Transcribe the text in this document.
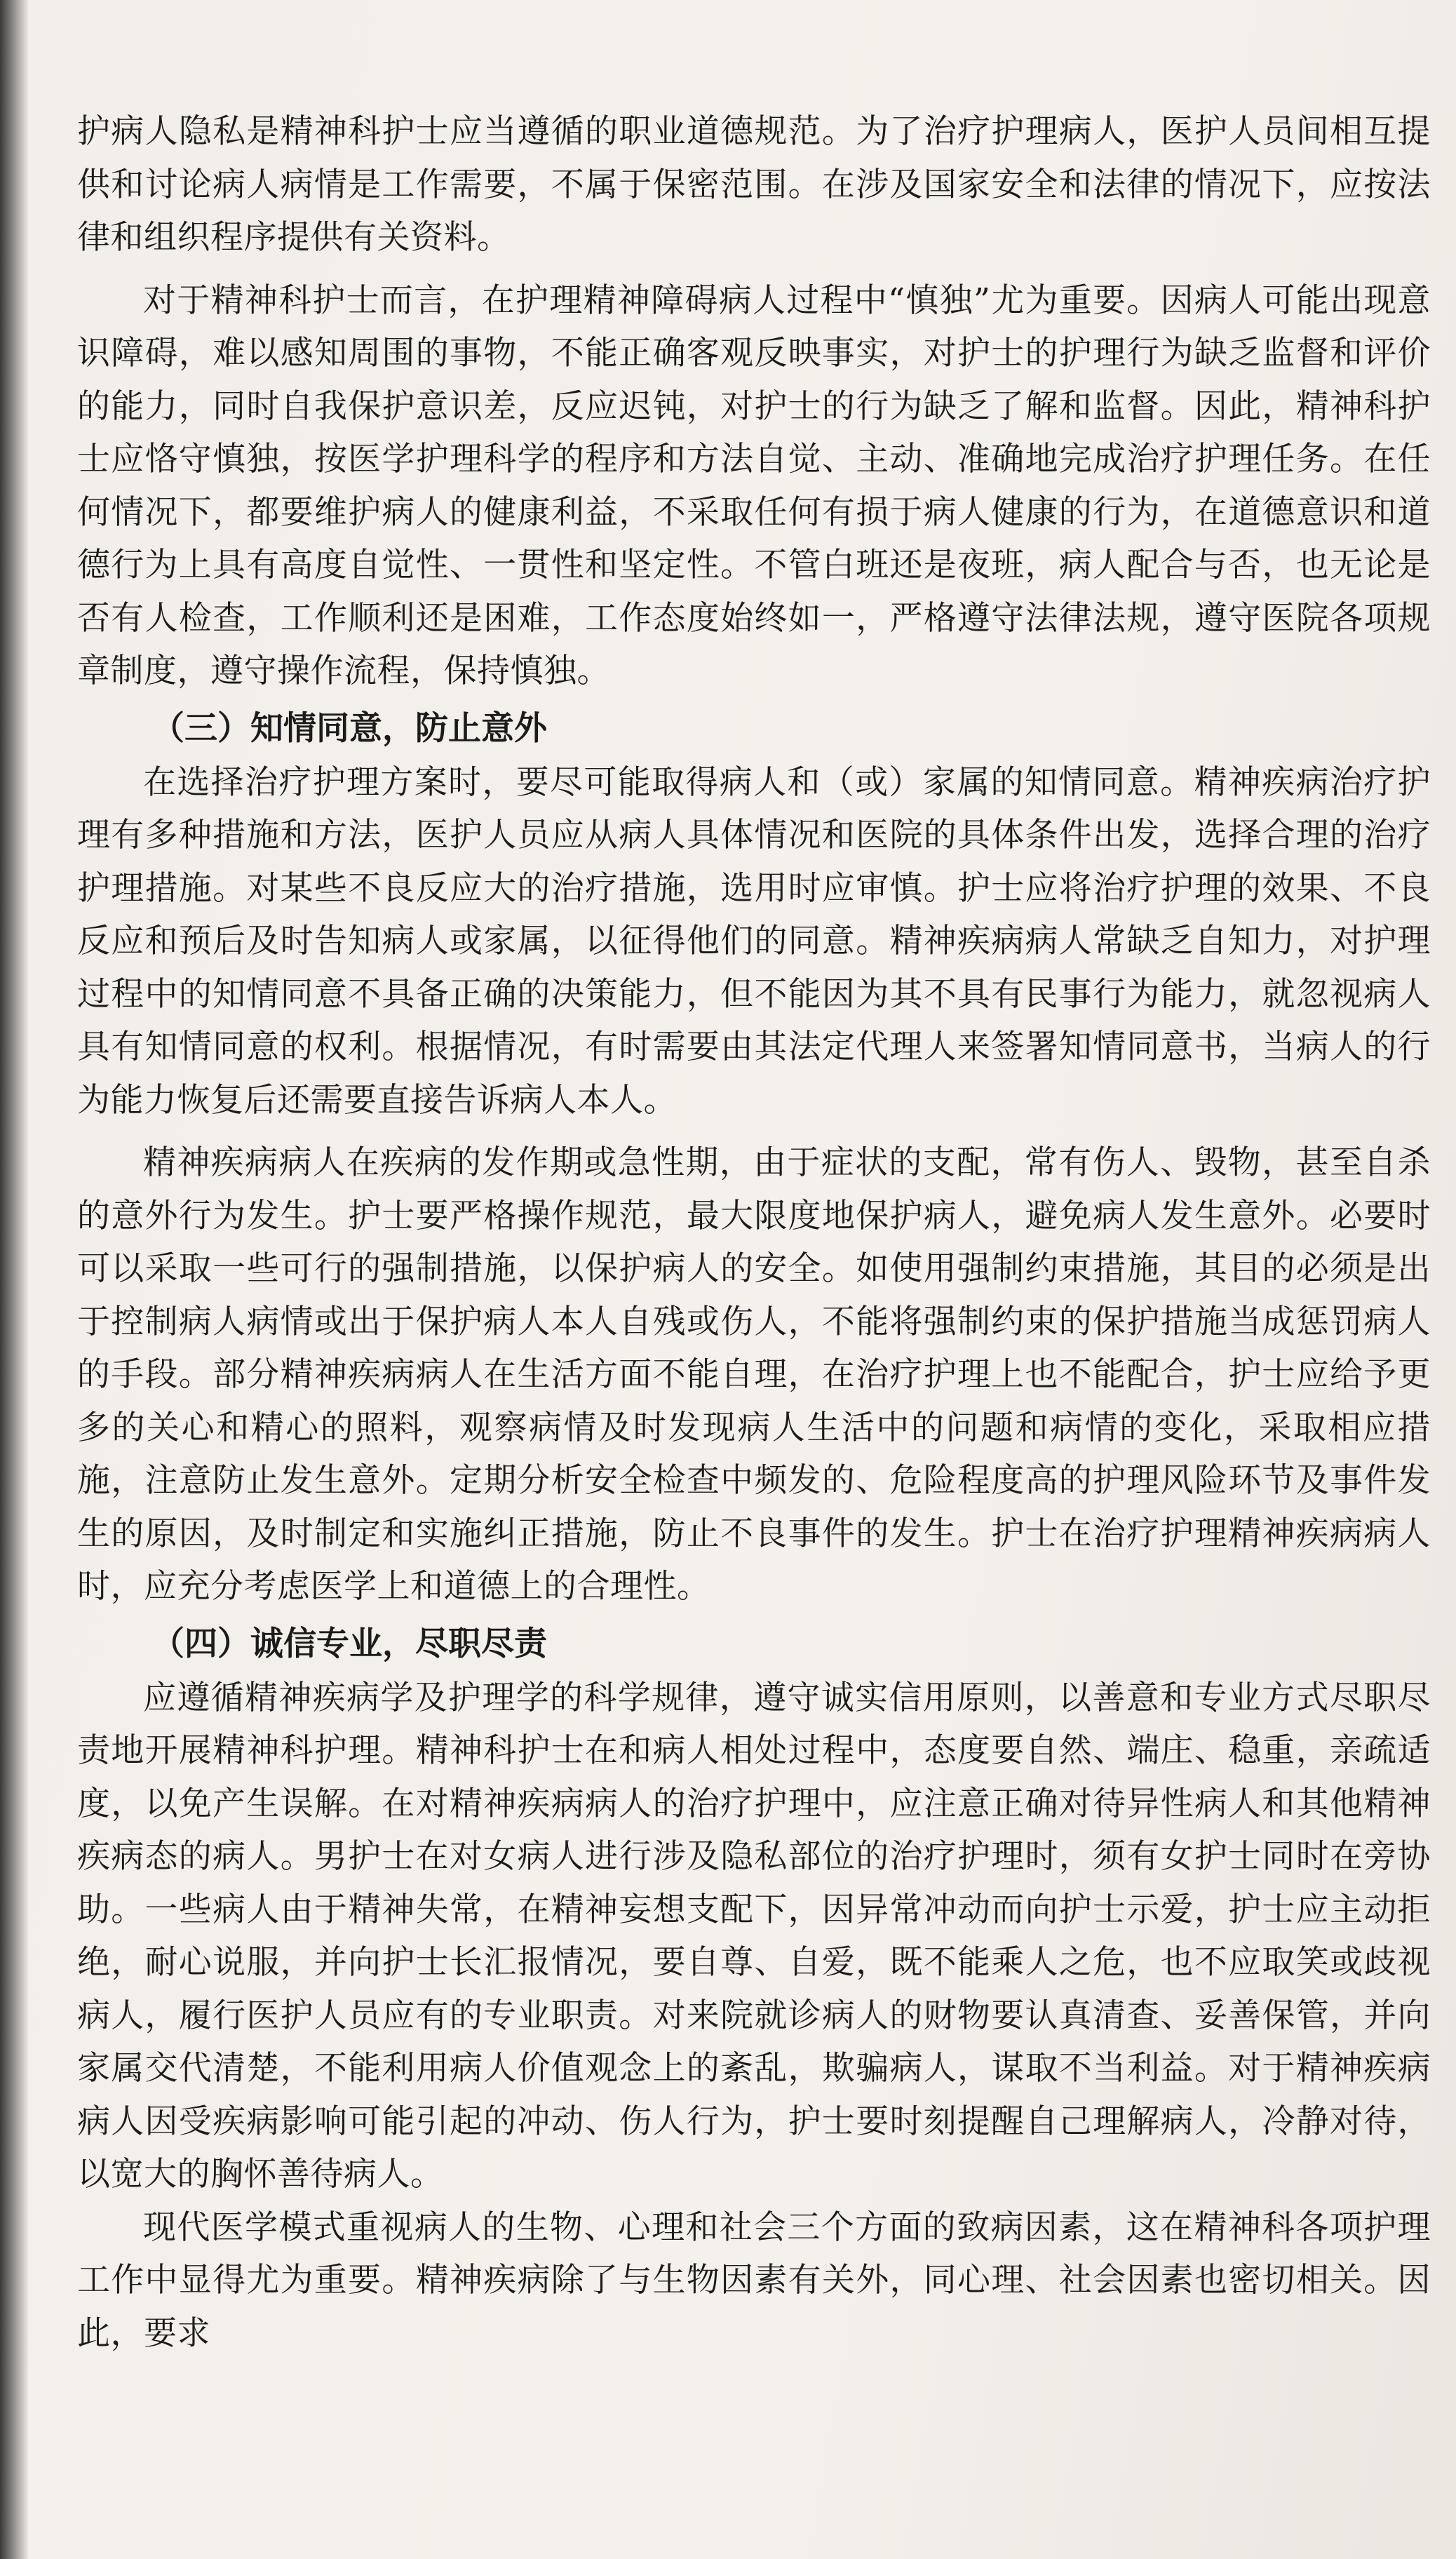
护病人隐私是精神科护士应当遵循的职业道德规范。为了治疗护理病人，医护人员间相互提供和讨论病人病情是工作需要，不属于保密范围。在涉及国家安全和法律的情况下，应按法律和组织程序提供有关资料。

对于精神科护士而言，在护理精神障碍病人过程中“慎独”尤为重要。因病人可能出现意识障碍，难以感知周围的事物，不能正确客观反映事实，对护士的护理行为缺乏监督和评价的能力，同时自我保护意识差，反应迟钝，对护士的行为缺乏了解和监督。因此，精神科护士应恪守慎独，按医学护理科学的程序和方法自觉、主动、准确地完成治疗护理任务。在任何情况下，都要维护病人的健康利益，不采取任何有损于病人健康的行为，在道德意识和道德行为上具有高度自觉性、一贯性和坚定性。不管白班还是夜班，病人配合与否，也无论是否有人检查，工作顺利还是困难，工作态度始终如一，严格遵守法律法规，遵守医院各项规章制度，遵守操作流程，保持慎独。

（三）知情同意，防止意外

在选择治疗护理方案时，要尽可能取得病人和（或）家属的知情同意。精神疾病治疗护理有多种措施和方法，医护人员应从病人具体情况和医院的具体条件出发，选择合理的治疗护理措施。对某些不良反应大的治疗措施，选用时应审慎。护士应将治疗护理的效果、不良反应和预后及时告知病人或家属，以征得他们的同意。精神疾病病人常缺乏自知力，对护理过程中的知情同意不具备正确的决策能力，但不能因为其不具有民事行为能力，就忽视病人具有知情同意的权利。根据情况，有时需要由其法定代理人来签署知情同意书，当病人的行为能力恢复后还需要直接告诉病人本人。

精神疾病病人在疾病的发作期或急性期，由于症状的支配，常有伤人、毁物，甚至自杀的意外行为发生。护士要严格操作规范，最大限度地保护病人，避免病人发生意外。必要时可以采取一些可行的强制措施，以保护病人的安全。如使用强制约束措施，其目的必须是出于控制病人病情或出于保护病人本人自残或伤人，不能将强制约束的保护措施当成惩罚病人的手段。部分精神疾病病人在生活方面不能自理，在治疗护理上也不能配合，护士应给予更多的关心和精心的照料，观察病情及时发现病人生活中的问题和病情的变化，采取相应措施，注意防止发生意外。定期分析安全检查中频发的、危险程度高的护理风险环节及事件发生的原因，及时制定和实施纠正措施，防止不良事件的发生。护士在治疗护理精神疾病病人时，应充分考虑医学上和道德上的合理性。

（四）诚信专业，尽职尽责

应遵循精神疾病学及护理学的科学规律，遵守诚实信用原则，以善意和专业方式尽职尽责地开展精神科护理。精神科护士在和病人相处过程中，态度要自然、端庄、稳重，亲疏适度，以免产生误解。在对精神疾病病人的治疗护理中，应注意正确对待异性病人和其他精神疾病态的病人。男护士在对女病人进行涉及隐私部位的治疗护理时，须有女护士同时在旁协助。一些病人由于精神失常，在精神妄想支配下，因异常冲动而向护士示爱，护士应主动拒绝，耐心说服，并向护士长汇报情况，要自尊、自爱，既不能乘人之危，也不应取笑或歧视病人，履行医护人员应有的专业职责。对来院就诊病人的财物要认真清查、妥善保管，并向家属交代清楚，不能利用病人价值观念上的紊乱，欺骗病人，谋取不当利益。对于精神疾病病人因受疾病影响可能引起的冲动、伤人行为，护士要时刻提醒自己理解病人，冷静对待，以宽大的胸怀善待病人。

现代医学模式重视病人的生物、心理和社会三个方面的致病因素，这在精神科各项护理工作中显得尤为重要。精神疾病除了与生物因素有关外，同心理、社会因素也密切相关。因此，要求
